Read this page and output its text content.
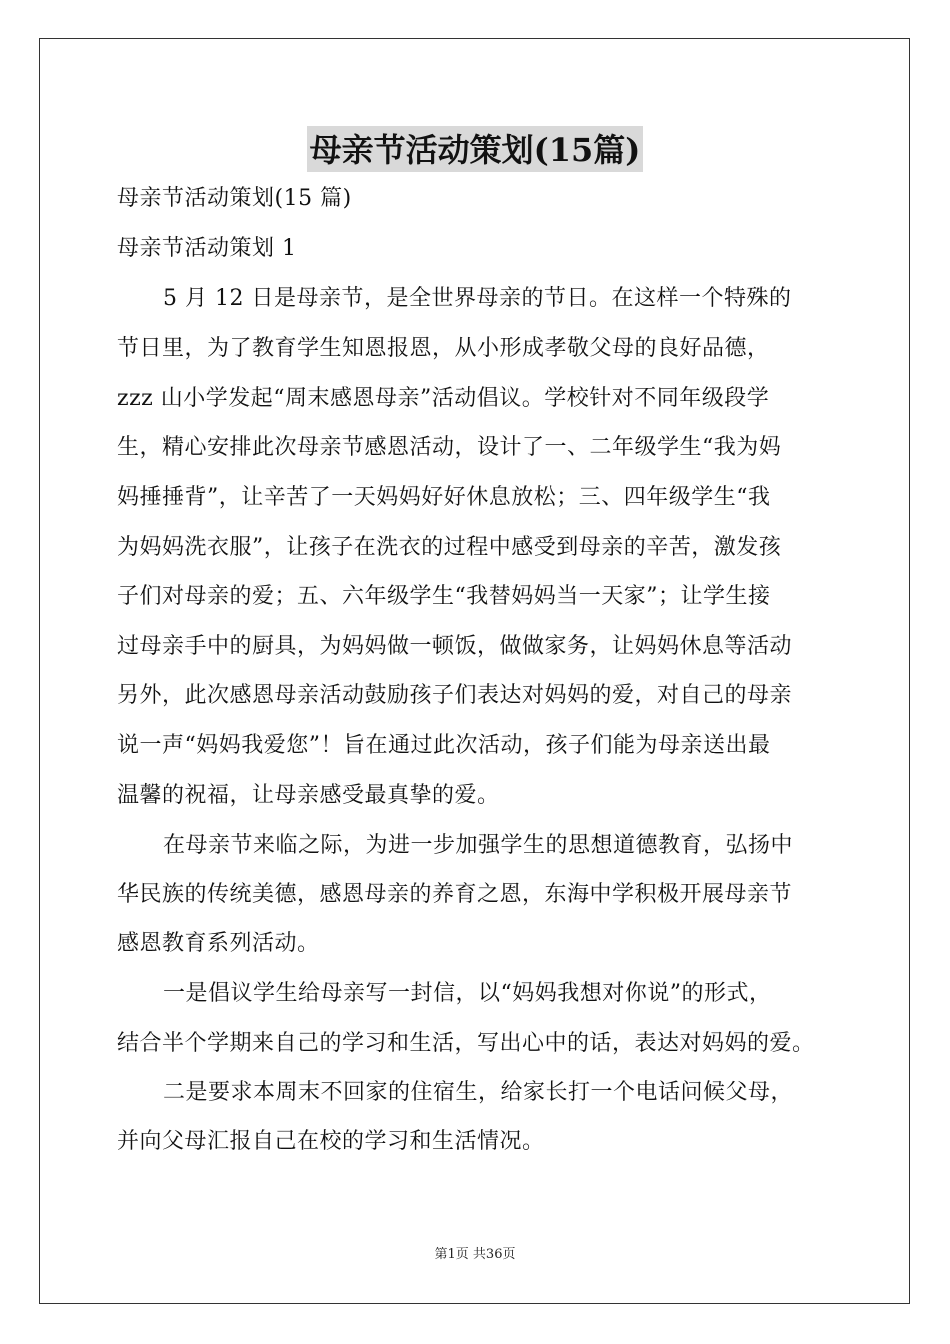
母亲节活动策划(15篇)
母亲节活动策划(15 篇)
母亲节活动策划 1
5 月 12 日是母亲节，是全世界母亲的节日。在这样一个特殊的
节日里，为了教育学生知恩报恩，从小形成孝敬父母的良好品德，
zzz 山小学发起“周末感恩母亲”活动倡议。学校针对不同年级段学
生，精心安排此次母亲节感恩活动，设计了一、二年级学生“我为妈
妈捶捶背”，让辛苦了一天妈妈好好休息放松；三、四年级学生“我
为妈妈洗衣服”，让孩子在洗衣的过程中感受到母亲的辛苦，激发孩
子们对母亲的爱；五、六年级学生“我替妈妈当一天家”；让学生接
过母亲手中的厨具，为妈妈做一顿饭，做做家务，让妈妈休息等活动
另外，此次感恩母亲活动鼓励孩子们表达对妈妈的爱，对自己的母亲
说一声“妈妈我爱您”！旨在通过此次活动，孩子们能为母亲送出最
温馨的祝福，让母亲感受最真挚的爱。
在母亲节来临之际，为进一步加强学生的思想道德教育，弘扬中
华民族的传统美德，感恩母亲的养育之恩，东海中学积极开展母亲节
感恩教育系列活动。
一是倡议学生给母亲写一封信，以“妈妈我想对你说”的形式，
结合半个学期来自己的学习和生活，写出心中的话，表达对妈妈的爱。
二是要求本周末不回家的住宿生，给家长打一个电话问候父母，
并向父母汇报自己在校的学习和生活情况。
第1页 共36页
